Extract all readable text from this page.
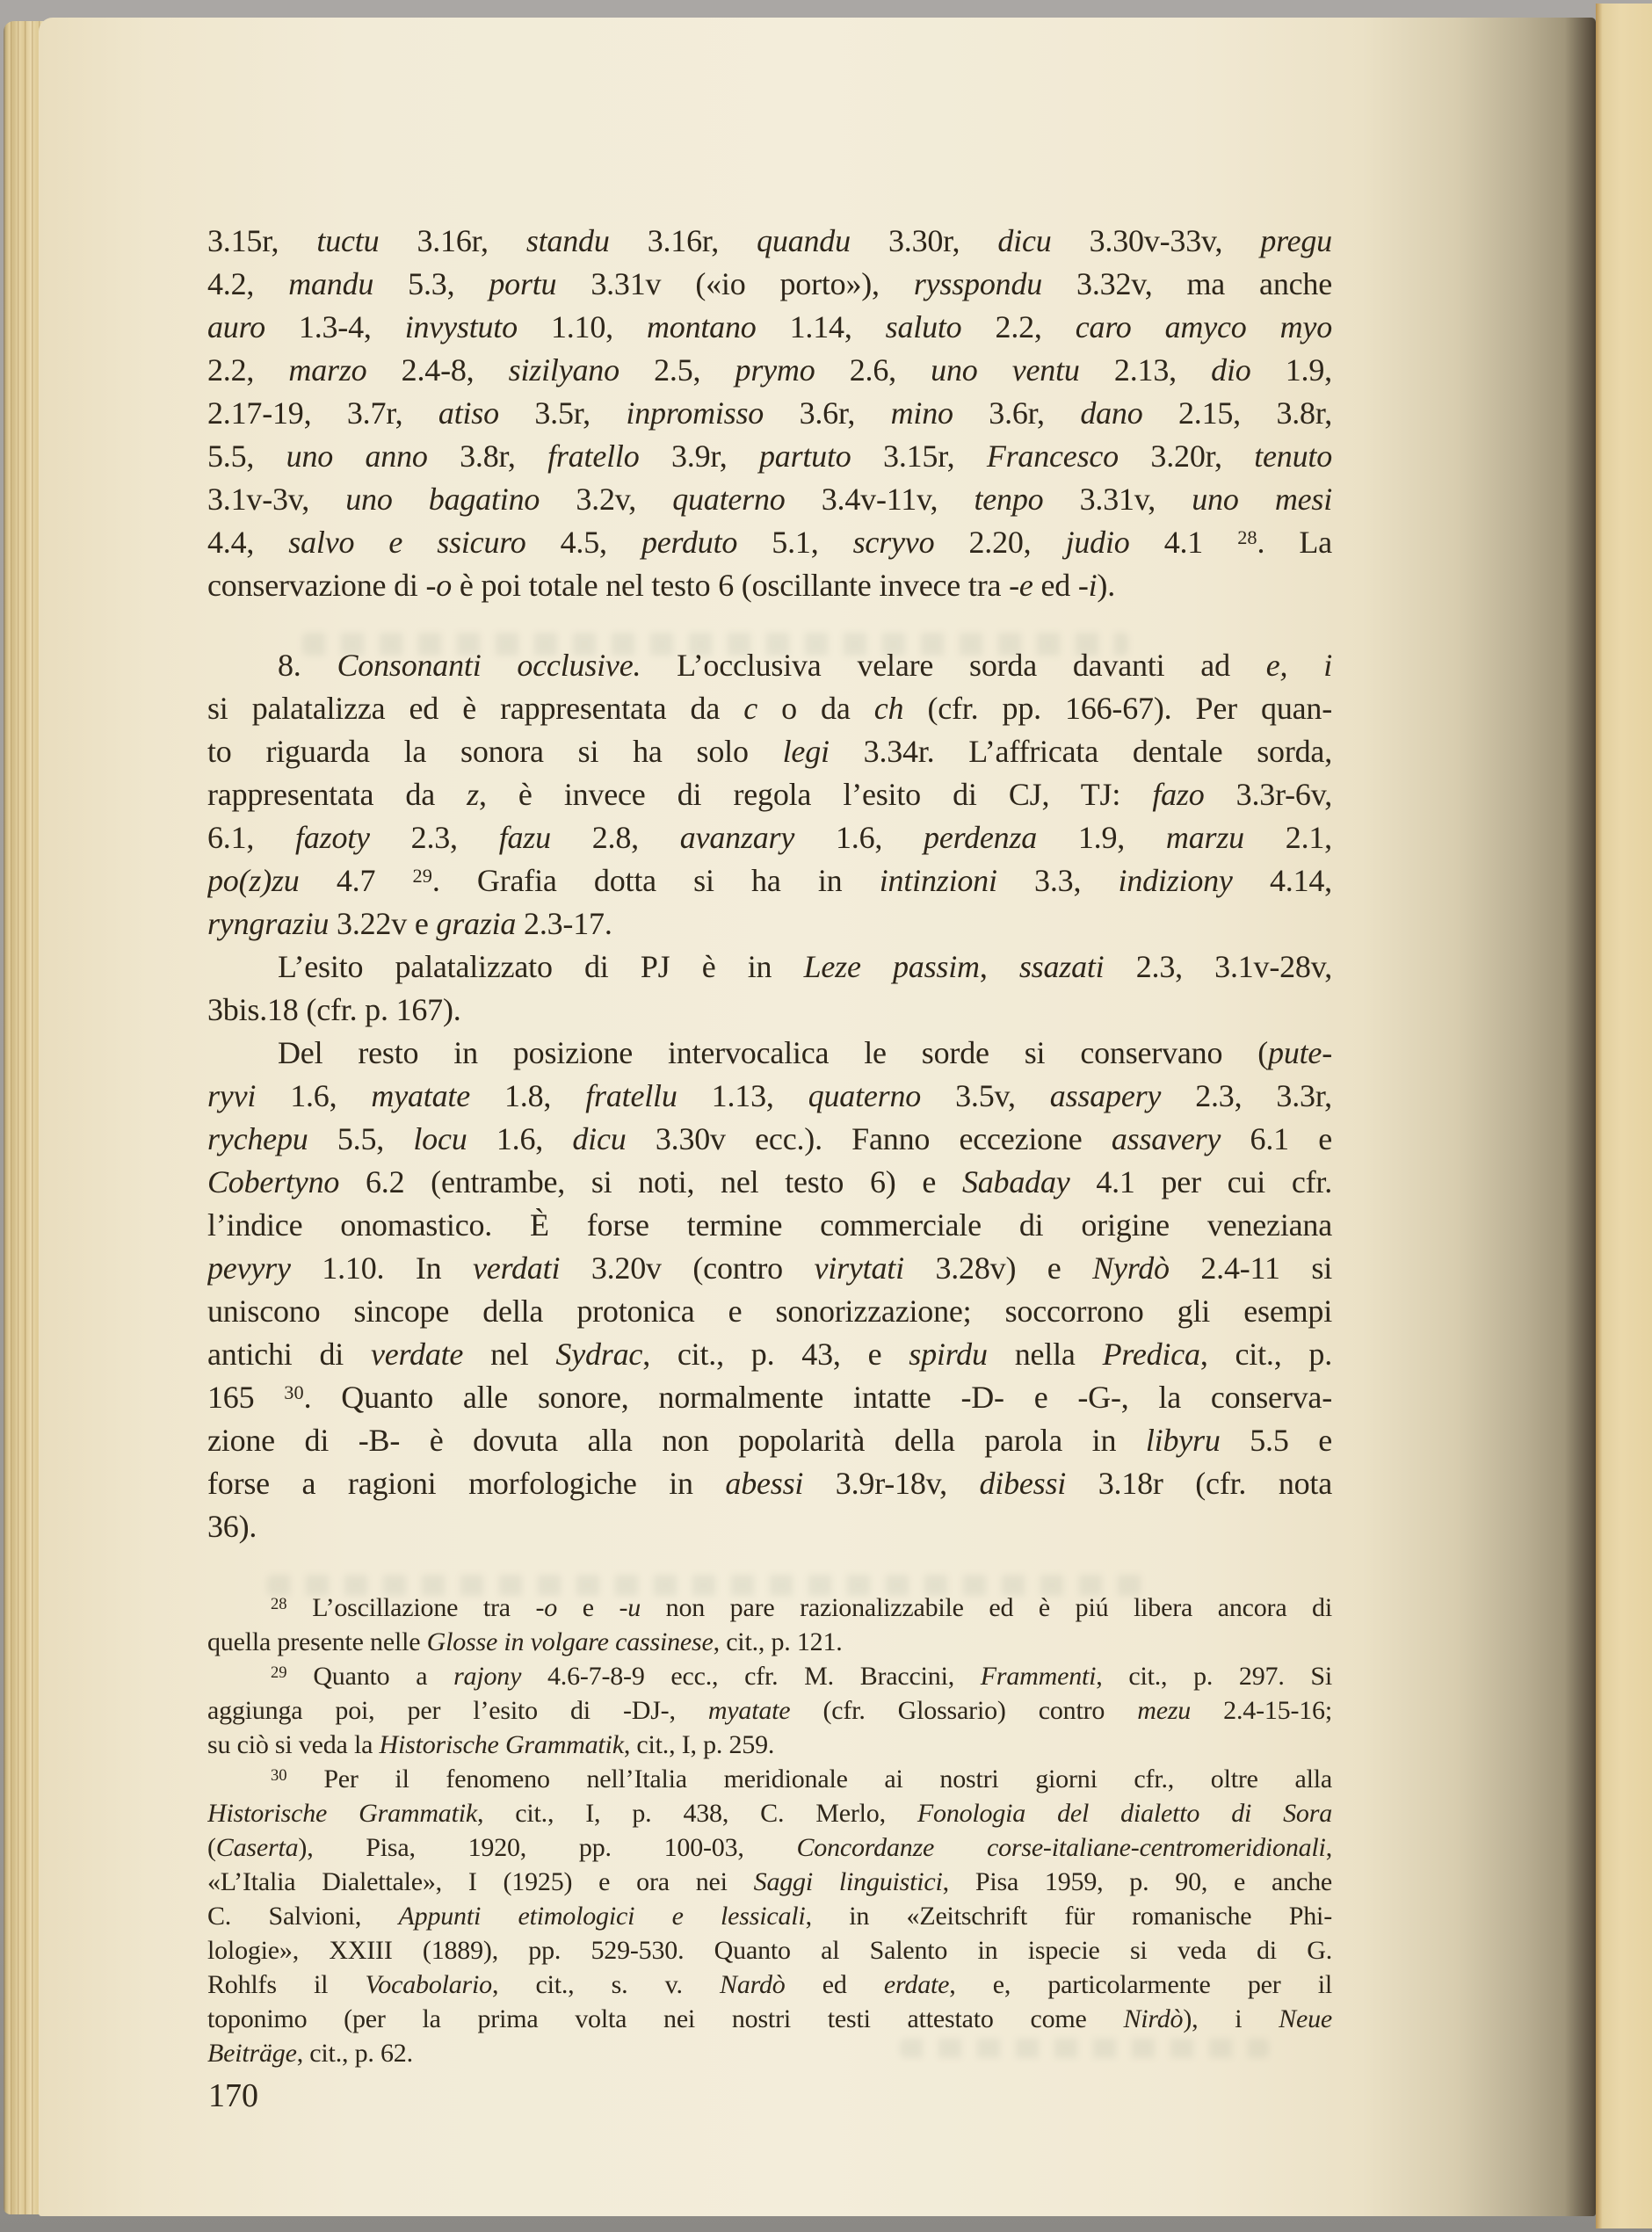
3.15r, tuctu 3.16r, standu 3.16r, quandu 3.30r, dicu 3.30v-33v, pregu
4.2, mandu 5.3, portu 3.31v («io porto»), rysspondu 3.32v, ma anche
auro 1.3-4, invystuto 1.10, montano 1.14, saluto 2.2, caro amyco myo
2.2, marzo 2.4-8, sizilyano 2.5, prymo 2.6, uno ventu 2.13, dio 1.9,
2.17-19, 3.7r, atiso 3.5r, inpromisso 3.6r, mino 3.6r, dano 2.15, 3.8r,
5.5, uno anno 3.8r, fratello 3.9r, partuto 3.15r, Francesco 3.20r, tenuto
3.1v-3v, uno bagatino 3.2v, quaterno 3.4v-11v, tenpo 3.31v, uno mesi
4.4, salvo e ssicuro 4.5, perduto 5.1, scryvo 2.20, judio 4.1 $^{28}$. La
conservazione di -o è poi totale nel testo 6 (oscillante invece tra -e ed -i).
8. Consonanti occlusive. L’occlusiva velare sorda davanti ad e, i
si palatalizza ed è rappresentata da c o da ch (cfr. pp. 166-67). Per quan-
to riguarda la sonora si ha solo legi 3.34r. L’affricata dentale sorda,
rappresentata da z, è invece di regola l’esito di CJ, TJ: fazo 3.3r-6v,
6.1, fazoty 2.3, fazu 2.8, avanzary 1.6, perdenza 1.9, marzu 2.1,
po(z)zu 4.7 $^{29}$. Grafia dotta si ha in intinzioni 3.3, indiziony 4.14,
ryngraziu 3.22v e grazia 2.3-17.
L’esito palatalizzato di PJ è in Leze passim, ssazati 2.3, 3.1v-28v,
3bis.18 (cfr. p. 167).
Del resto in posizione intervocalica le sorde si conservano (pute-
ryvi 1.6, myatate 1.8, fratellu 1.13, quaterno 3.5v, assapery 2.3, 3.3r,
rychepu 5.5, locu 1.6, dicu 3.30v ecc.). Fanno eccezione assavery 6.1 e
Cobertyno 6.2 (entrambe, si noti, nel testo 6) e Sabaday 4.1 per cui cfr.
l’indice onomastico. È forse termine commerciale di origine veneziana
pevyry 1.10. In verdati 3.20v (contro virytati 3.28v) e Nyrdò 2.4-11 si
uniscono sincope della protonica e sonorizzazione; soccorrono gli esempi
antichi di verdate nel Sydrac, cit., p. 43, e spirdu nella Predica, cit., p.
165 $^{30}$. Quanto alle sonore, normalmente intatte -D- e -G-, la conserva-
zione di -B- è dovuta alla non popolarità della parola in libyru 5.5 e
forse a ragioni morfologiche in abessi 3.9r-18v, dibessi 3.18r (cfr. nota
36).
$^{28}$ L’oscillazione tra -o e -u non pare razionalizzabile ed è piú libera ancora di
quella presente nelle Glosse in volgare cassinese, cit., p. 121.
$^{29}$ Quanto a rajony 4.6-7-8-9 ecc., cfr. M. Braccini, Frammenti, cit., p. 297. Si
aggiunga poi, per l’esito di -DJ-, myatate (cfr. Glossario) contro mezu 2.4-15-16;
su ciò si veda la Historische Grammatik, cit., I, p. 259.
$^{30}$ Per il fenomeno nell’Italia meridionale ai nostri giorni cfr., oltre alla
Historische Grammatik, cit., I, p. 438, C. Merlo, Fonologia del dialetto di Sora
(Caserta), Pisa, 1920, pp. 100-03, Concordanze corse-italiane-centromeridionali,
«L’Italia Dialettale», I (1925) e ora nei Saggi linguistici, Pisa 1959, p. 90, e anche
C. Salvioni, Appunti etimologici e lessicali, in «Zeitschrift für romanische Phi-
lologie», XXIII (1889), pp. 529-530. Quanto al Salento in ispecie si veda di G.
Rohlfs il Vocabolario, cit., s. v. Nardò ed erdate, e, particolarmente per il
toponimo (per la prima volta nei nostri testi attestato come Nirdò), i Neue
Beiträge, cit., p. 62.
170
